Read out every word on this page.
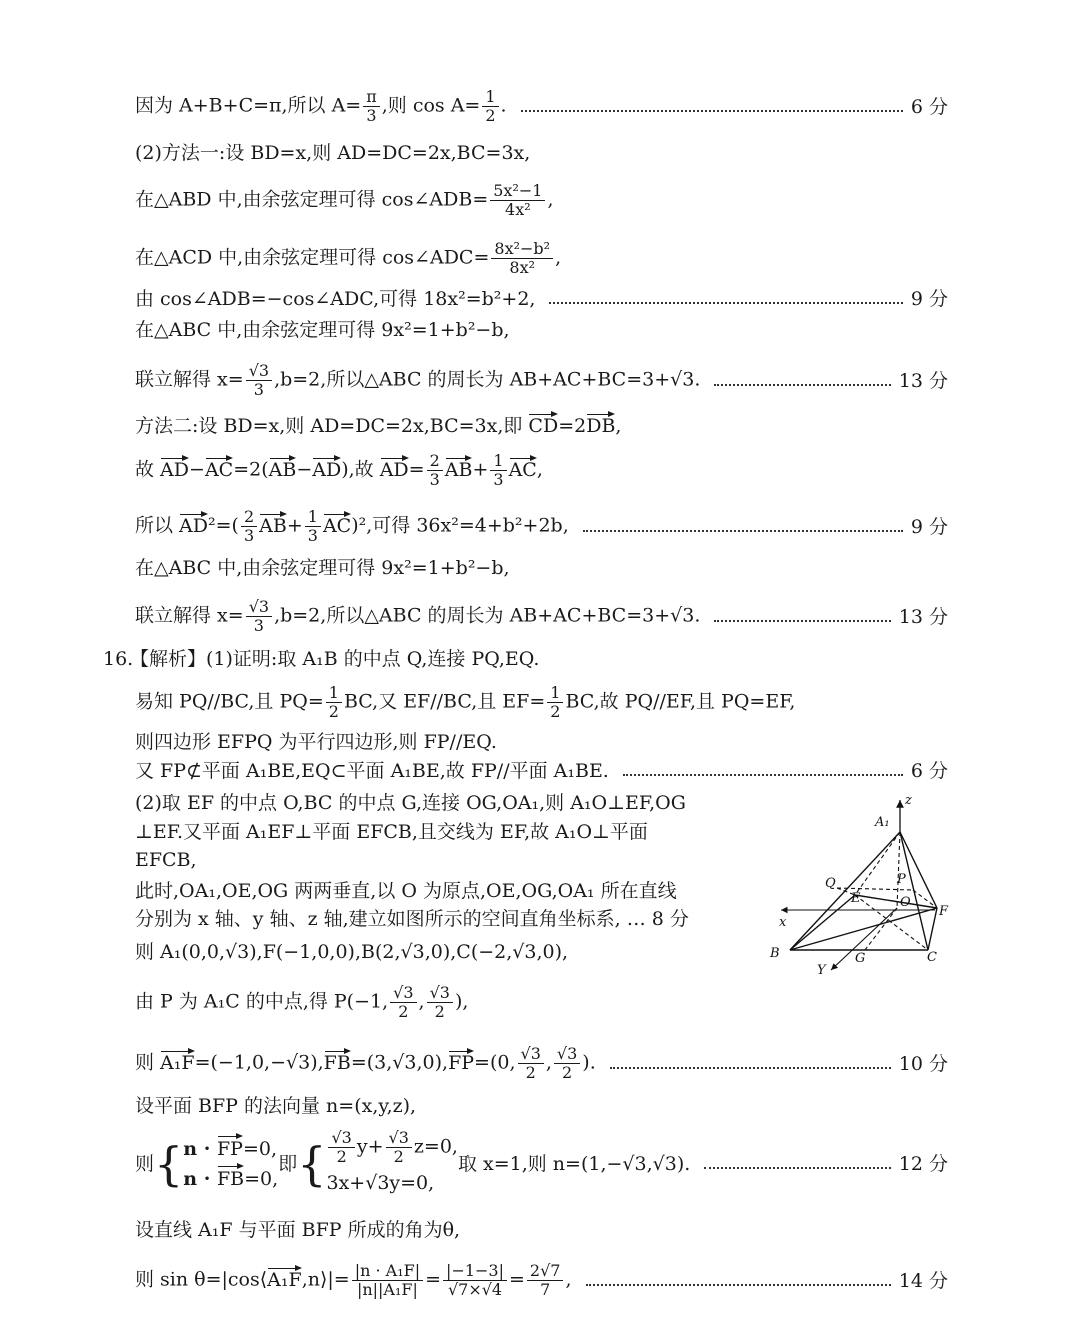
因为 A+B+C=π,所以 $A= \frac{\pi}{3}$ ,则 $\cos A= \frac{1}{2}$ .	6 分
(2)方法一:设 BD=x,则 AD=DC=2x,BC=3x,
在△ABD 中,由余弦定理可得 cos∠ADB= $\frac{\text{5x²−1}}{\text{4x²}}$ ,
在△ACD 中,由余弦定理可得 cos∠ADC= $\frac{\text{8x²−b²}}{\text{8x²}}$ ,
由 cos∠ADB=−cos∠ADC,可得 18x²=b²+2,	9 分
在△ABC 中,由余弦定理可得 9x²=1+b²−b,
联立解得 $x= \frac{√3}{3} ,b=2$,所以△ABC 的周长为 AB+AC+BC=3+√3.	13 分
方法二:设 BD=x,则 AD=DC=2x,BC=3x,即 CD=2DB,
故 AD−AC=2(AB−AD),故 $AD= \frac{2}{3} AB+ \frac{1}{3}$ AC,
所以 $AD^2=( \frac{2}{3} AB+ \frac{1}{3} AC)^2$,可得 36x²=4+b²+2b,	9 分
在△ABC 中,由余弦定理可得 9x²=1+b²−b,
联立解得 $x= \frac{√3}{3} ,b=2$,所以△ABC 的周长为 AB+AC+BC=3+√3.	13 分
16.
【解析】(1)证明:取 A₁B 的中点 Q,连接 PQ,EQ.
易知 PQ//BC,且 $PQ= \frac{1}{2}$ BC,又 EF//BC,且 $EF= \frac{1}{2}$ BC,故 PQ//EF,且 PQ=EF,
则四边形 EFPQ 为平行四边形,则 FP//EQ.
又 FP⊄平面 A₁BE,EQ⊂平面 A₁BE,故 FP//平面 A₁BE.	6 分
(2)取 EF 的中点 O,BC 的中点 G,连接 OG,OA₁,则 A₁O⊥EF,OG
⊥EF.又平面 A₁EF⊥平面 EFCB,且交线为 EF,故 A₁O⊥平面
EFCB,
此时,OA₁,OE,OG 两两垂直,以 O 为原点,OE,OG,OA₁ 所在直线
分别为 x 轴、y 轴、z 轴,建立如图所示的空间直角坐标系, … 8 分
则 A₁(0,0,√3),F(−1,0,0),B(2,√3,0),C(−2,√3,0),
由 P 为 A₁C 的中点,得 P(−1, $\frac{√3}{2}$ , $\frac{√3}{2}$ ),
则 A₁F=(−1,0,−√3),FB=(3,√3,0),FP=(0, $\frac{√3}{2}$ , $\frac{√3}{2}$ ).	10 分
设平面 BFP 的法向量 n=(x,y,z),
则 { n · FP=0,
n · FB=0,
即 { $\frac{√3}{2} y+ \frac{√3}{2} z=0$,
3x+√3y=0,
取 x=1,则 n=(1,−√3,√3).	12 分
设直线 A₁F 与平面 BFP 所成的角为θ,
则 sin θ=|cos⟨A₁F,n⟩|= $\frac{\text{|n · A₁F|}}{\text{|n||A₁F|}} = \frac{|-1-3|}{√7\times√4} = \frac{2√7}{7}$ ,	14 分
z
A₁
Q	P
E	O
F
x
B
Y
G	C
